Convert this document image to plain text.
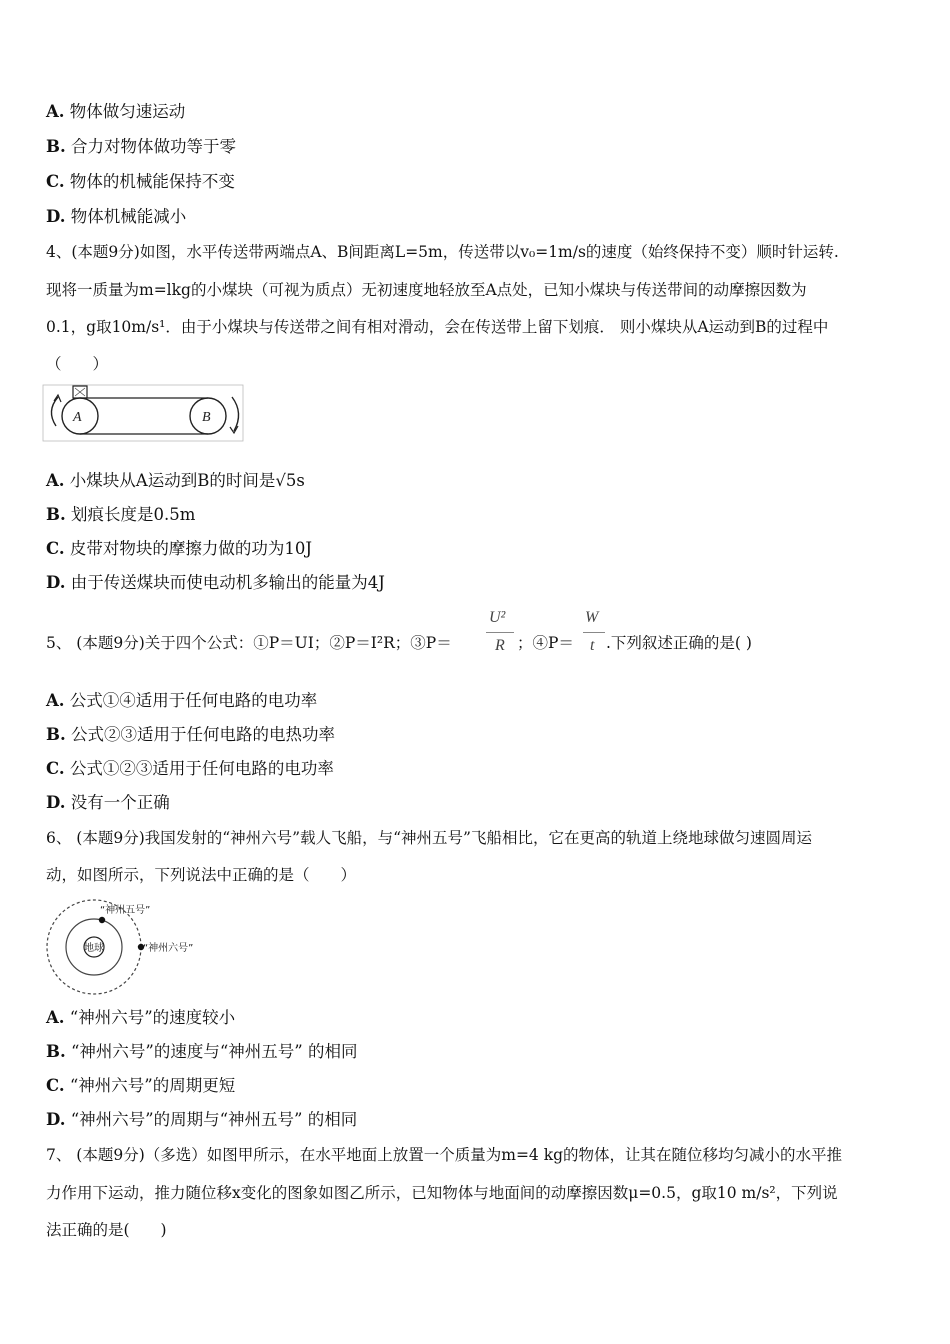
A. 物体做匀速运动
B. 合力对物体做功等于零
C. 物体的机械能保持不变
D. 物体机械能减小
4、(本题9分)如图，水平传送带两端点A、B间距离L=5m，传送带以v₀=1m/s的速度（始终保持不变）顺时针运转.
现将一质量为m=lkg的小煤块（可视为质点）无初速度地轻放至A点处，已知小煤块与传送带间的动摩擦因数为
0.1，g取10m/s¹．由于小煤块与传送带之间有相对滑动，会在传送带上留下划痕． 则小煤块从A运动到B的过程中
（　　）
A	B
A. 小煤块从A运动到B的时间是√5s
B. 划痕长度是0.5m
C. 皮带对物块的摩擦力做的功为10J
D. 由于传送煤块而使电动机多输出的能量为4J
5、 (本题9分)关于四个公式：①P＝UI；②P＝I²R；③P＝
U²
R ；④P＝
W
t .下列叙述正确的是( )
A. 公式①④适用于任何电路的电功率
B. 公式②③适用于任何电路的电热功率
C. 公式①②③适用于任何电路的电功率
D. 没有一个正确
6、 (本题9分)我国发射的“神州六号”载人飞船，与“神州五号”飞船相比，它在更高的轨道上绕地球做匀速圆周运
动，如图所示，下列说法中正确的是（　　）
地球
“神州五号”
“神州六号”
A. “神州六号”的速度较小
B. “神州六号”的速度与“神州五号” 的相同
C. “神州六号”的周期更短
D. “神州六号”的周期与“神州五号” 的相同
7、 (本题9分)（多选）如图甲所示，在水平地面上放置一个质量为m=4 kg的物体，让其在随位移均匀减小的水平推
力作用下运动，推力随位移x变化的图象如图乙所示，已知物体与地面间的动摩擦因数μ=0.5，g取10 m/s²，下列说
法正确的是(　　)
